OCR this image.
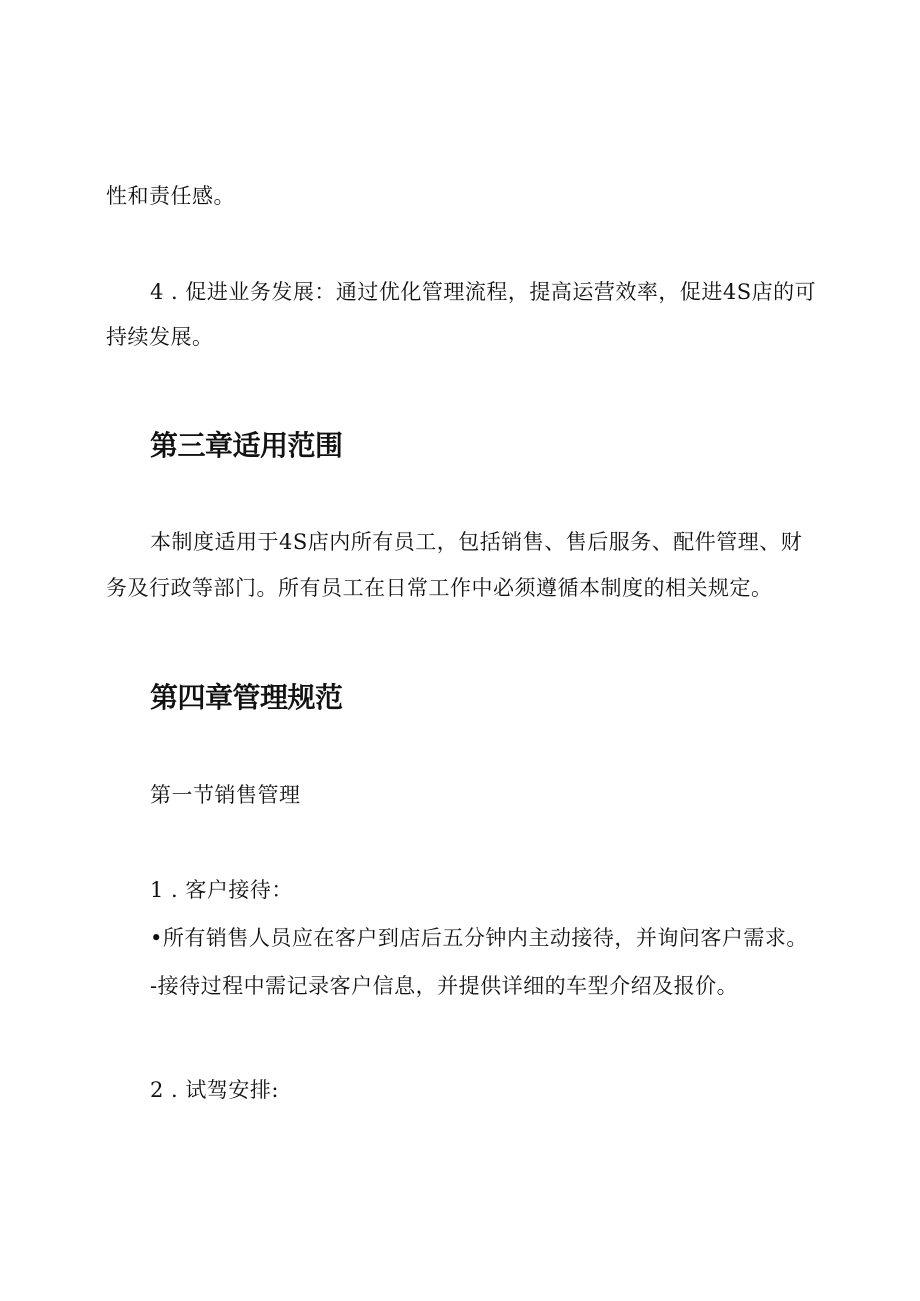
性和责任感。
4 . 促进业务发展：通过优化管理流程，提高运营效率，促进4S店的可
持续发展。
第三章适用范围
本制度适用于4S店内所有员工，包括销售、售后服务、配件管理、财
务及行政等部门。所有员工在日常工作中必须遵循本制度的相关规定。
第四章管理规范
第一节销售管理
1 . 客户接待：
•所有销售人员应在客户到店后五分钟内主动接待，并询问客户需求。
-接待过程中需记录客户信息，并提供详细的车型介绍及报价。
2 . 试驾安排:
